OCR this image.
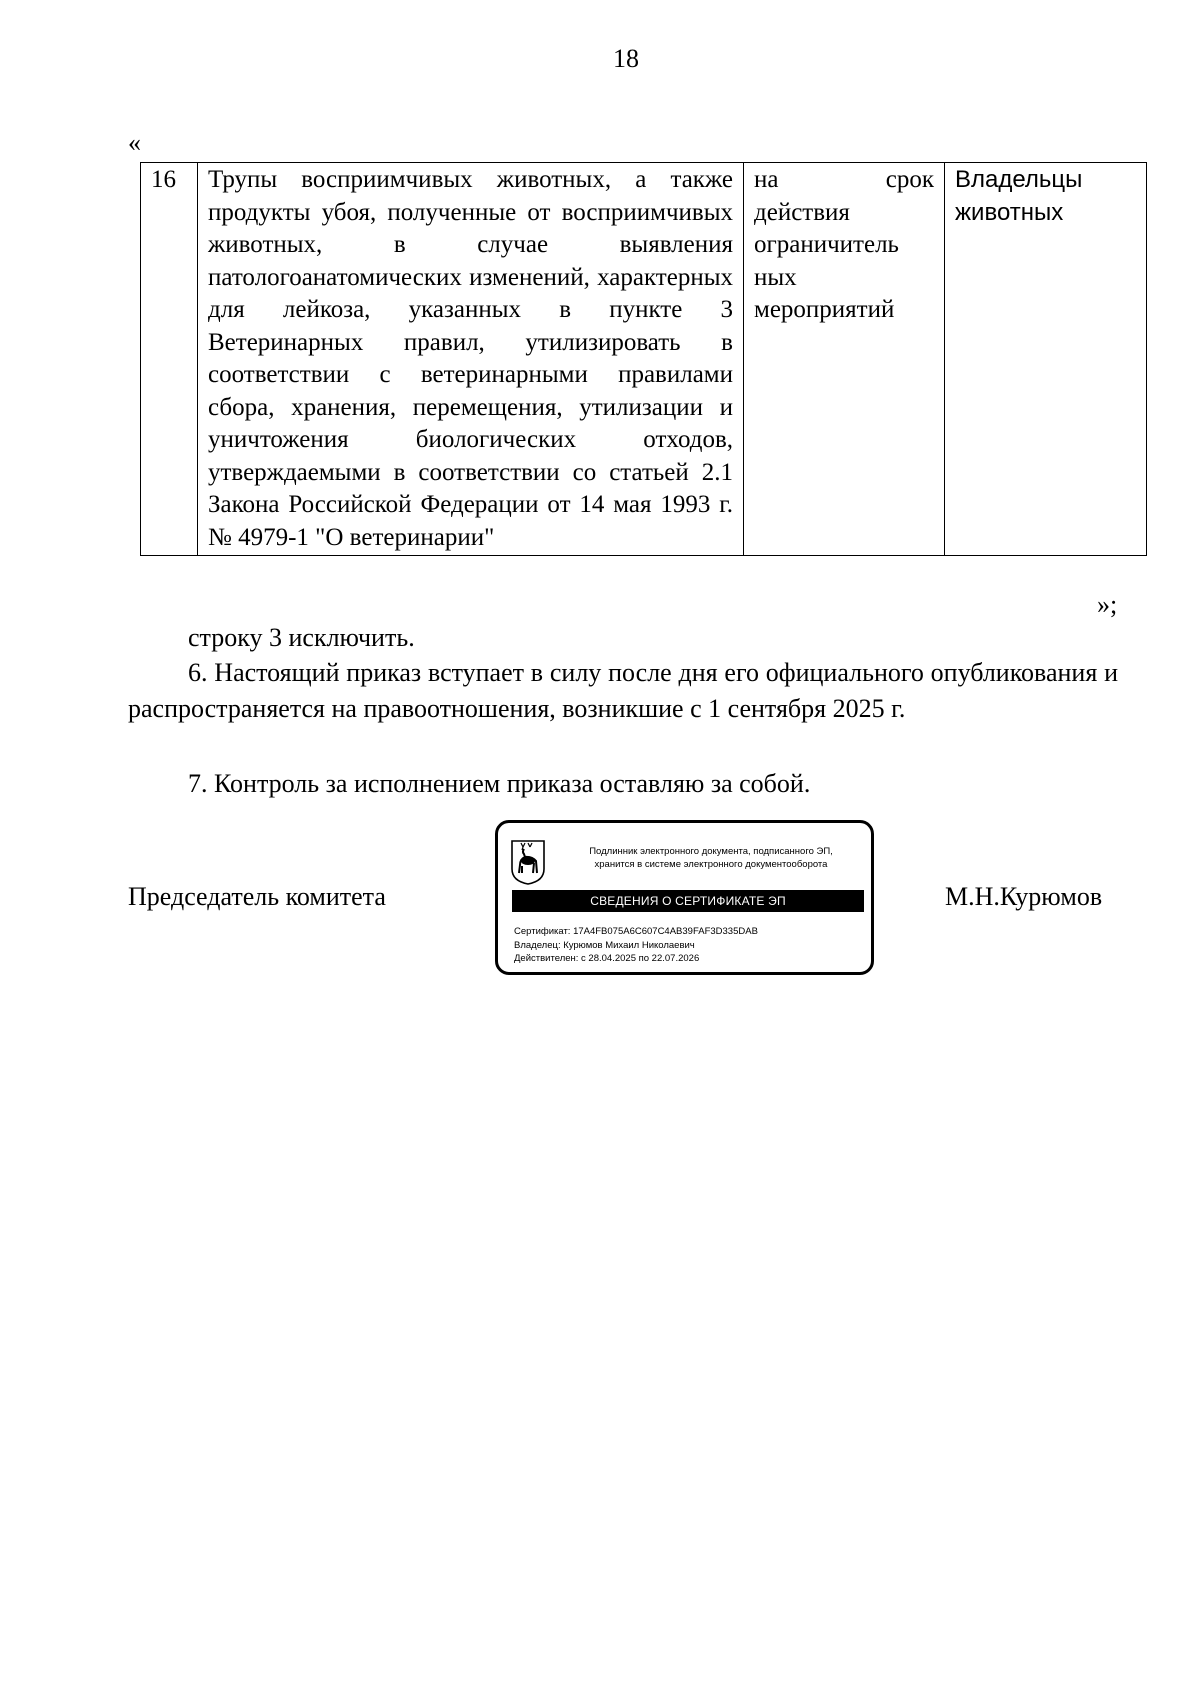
18
«
16	Трупы восприимчивых животных, а также продукты убоя, полученные от восприимчивых животных, в случае выявления патологоанатомических изменений, характерных для лейкоза, указанных в пункте 3 Ветеринарных правил, утилизировать в соответствии с ветеринарными правилами сбора, хранения, перемещения, утилизации и уничтожения биологических отходов, утверждаемыми в соответствии со статьей 2.1 Закона Российской Федерации от 14 мая 1993 г. № 4979-1 "О ветеринарии"	на срок действия ограничитель ных мероприятий	Владельцы животных
»;
строку 3 исключить.
6. Настоящий приказ вступает в силу после дня его официального опубликования и распространяется на правоотношения, возникшие с 1 сентября 2025 г.
7. Контроль за исполнением приказа оставляю за собой.
Председатель комитета	М.Н.Курюмов
Подлинник электронного документа, подписанного ЭП,
хранится в системе электронного документооборота
СВЕДЕНИЯ О СЕРТИФИКАТЕ ЭП
Сертификат: 17A4FB075A6C607C4AB39FAF3D335DAB
Владелец: Курюмов Михаил Николаевич
Действителен: с 28.04.2025 по 22.07.2026
